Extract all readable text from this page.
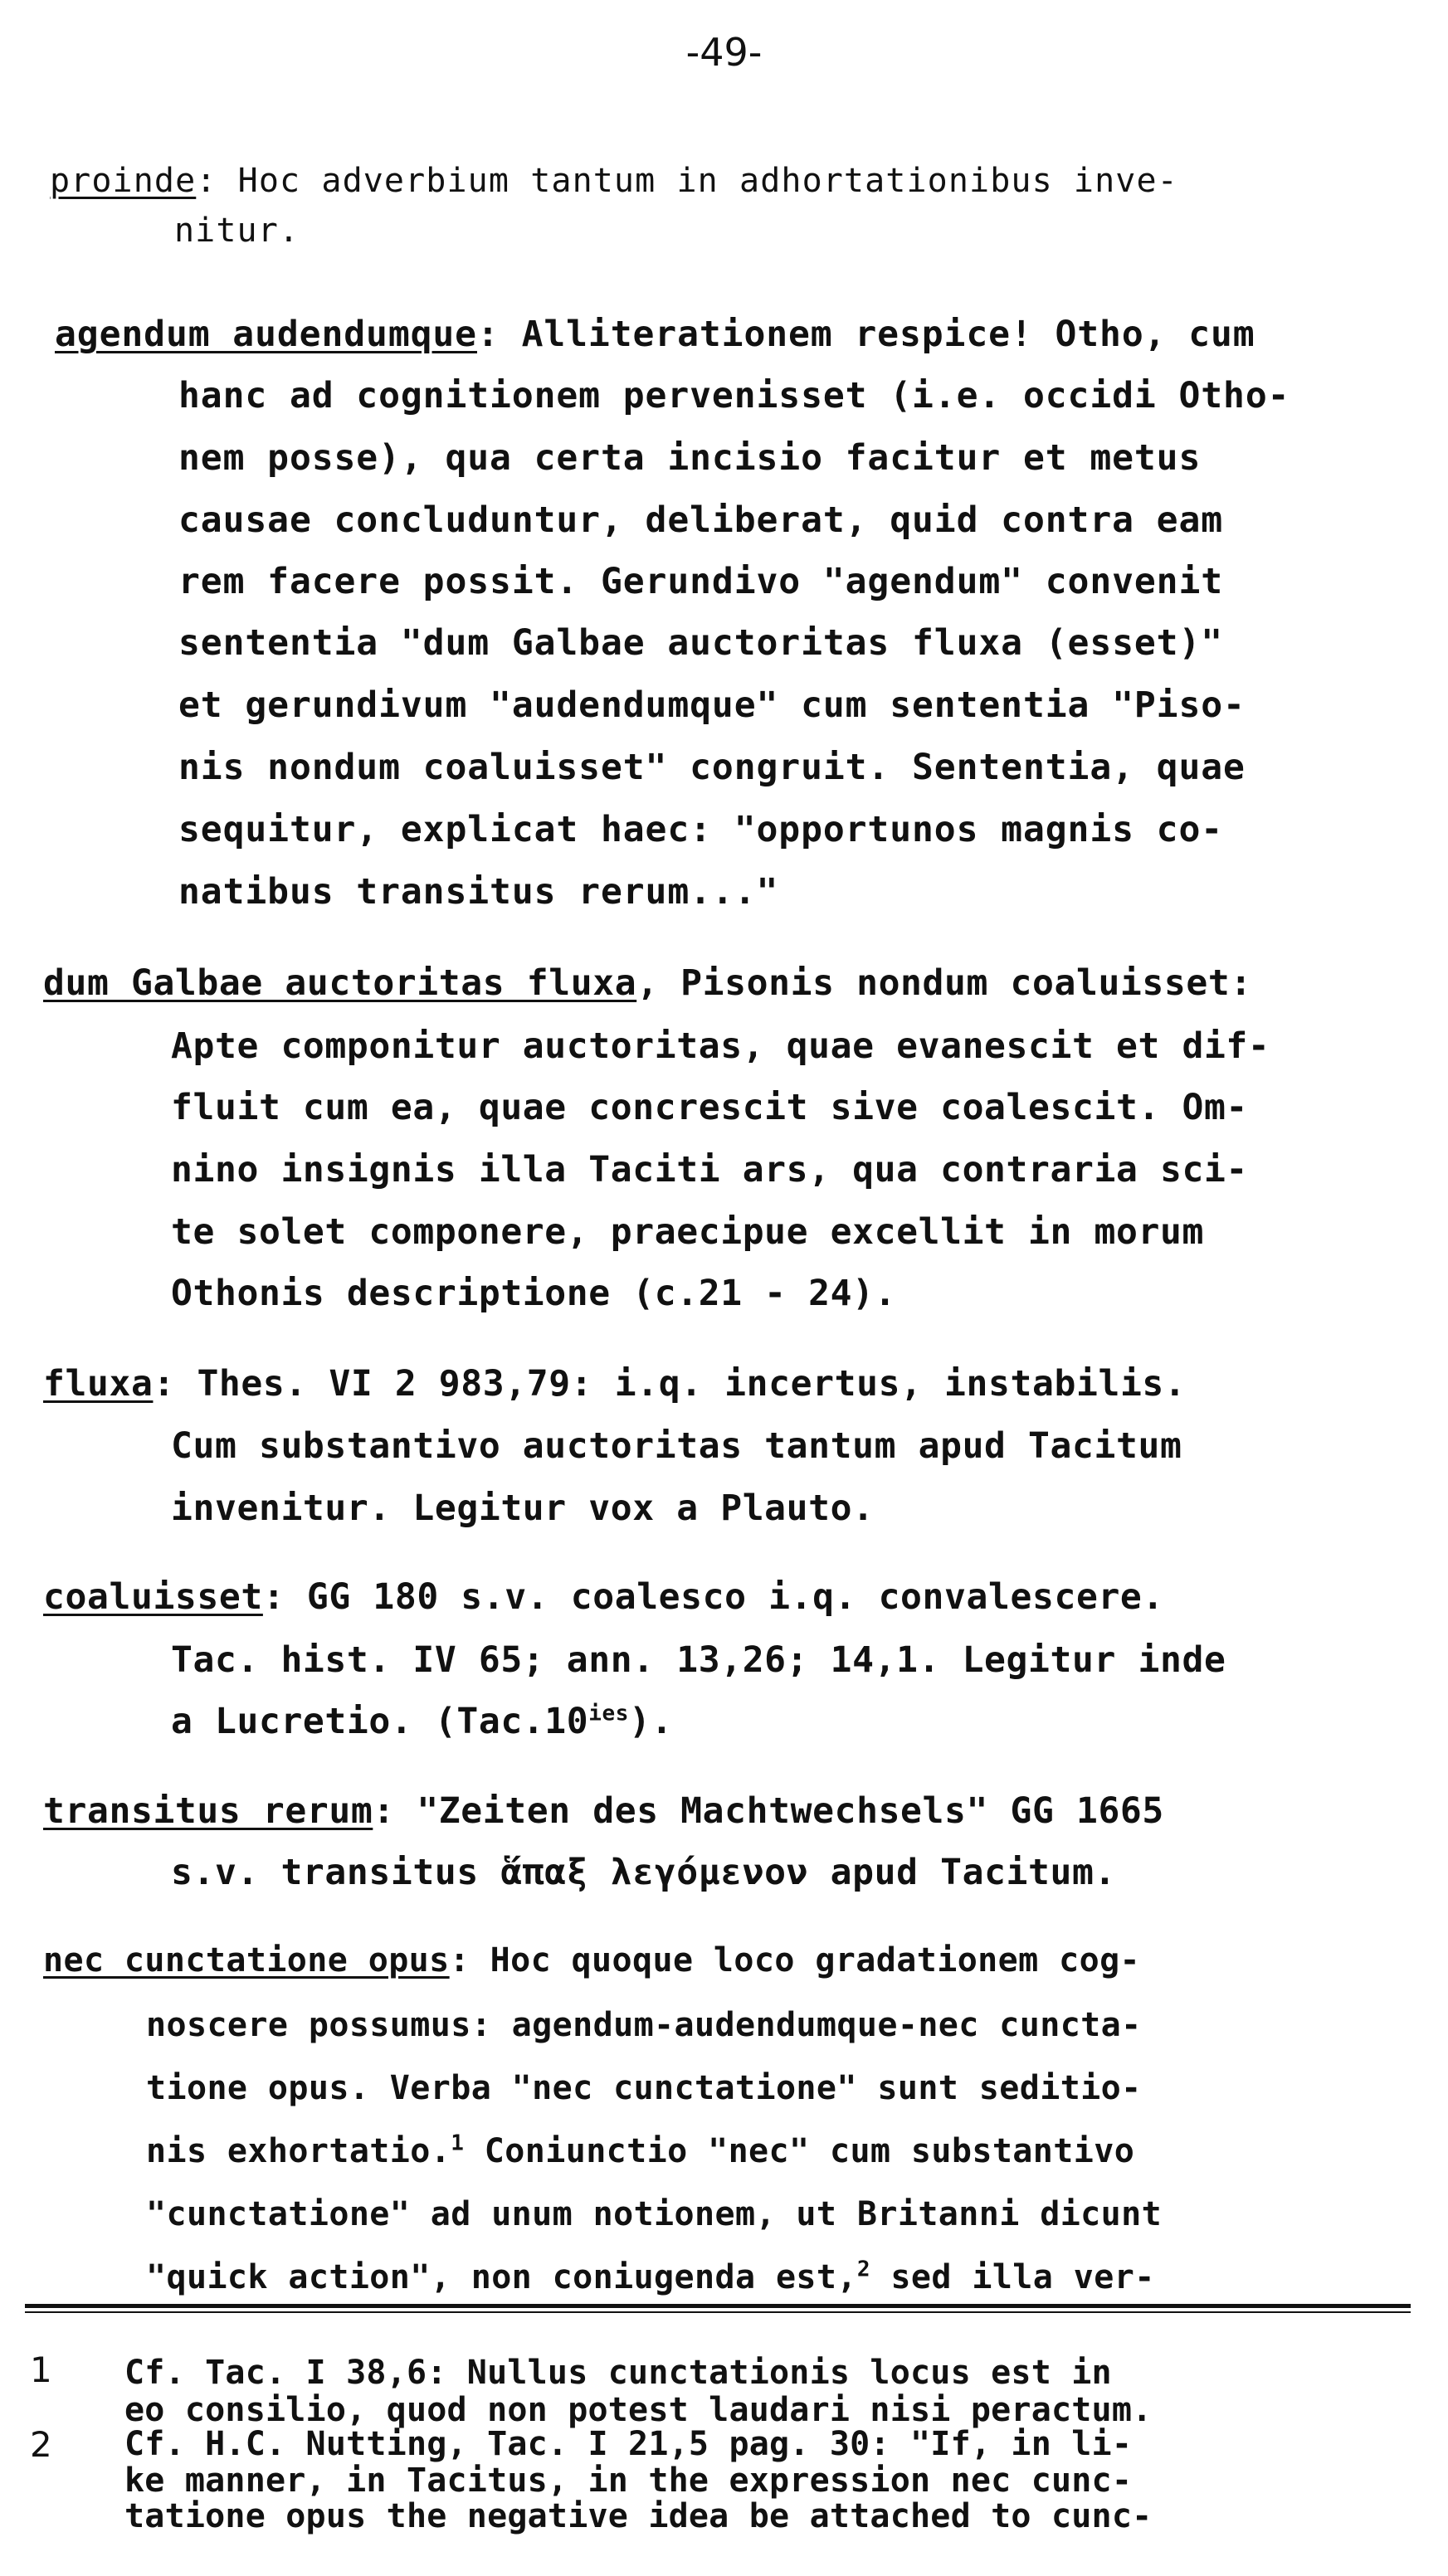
-49-
proinde: Hoc adverbium tantum in adhortationibus inve-
nitur.
agendum audendumque: Alliterationem respice! Otho, cum
hanc ad cognitionem pervenisset (i.e. occidi Otho-
nem posse), qua certa incisio facitur et metus
causae concluduntur, deliberat, quid contra eam
rem facere possit. Gerundivo "agendum" convenit
sententia "dum Galbae auctoritas fluxa (esset)"
et gerundivum "audendumque" cum sententia "Piso-
nis nondum coaluisset" congruit. Sententia, quae
sequitur, explicat haec: "opportunos magnis co-
natibus transitus rerum..."
dum Galbae auctoritas fluxa, Pisonis nondum coaluisset:
Apte componitur auctoritas, quae evanescit et dif-
fluit cum ea, quae concrescit sive coalescit. Om-
nino insignis illa Taciti ars, qua contraria sci-
te solet componere, praecipue excellit in morum
Othonis descriptione (c.21 - 24).
fluxa: Thes. VI 2 983,79: i.q. incertus, instabilis.
Cum substantivo auctoritas tantum apud Tacitum
invenitur. Legitur vox a Plauto.
coaluisset: GG 180 s.v. coalesco i.q. convalescere.
Tac. hist. IV 65; ann. 13,26; 14,1. Legitur inde
a Lucretio. $(Tac.10^{ies})$.
transitus rerum: "Zeiten des Machtwechsels" GG 1665
s.v. transitus ἅπαξ λεγόμενον apud Tacitum.
nec cunctatione opus: Hoc quoque loco gradationem cog-
noscere possumus: agendum-audendumque-nec cuncta-
tione opus. Verba "nec cunctatione" sunt seditio-
nis exhortatio.$^1$ Coniunctio "nec" cum substantivo
"cunctatione" ad unum notionem, ut Britanni dicunt
"quick action", non coniugenda est,$^2$ sed illa ver-
1 Cf. Tac. I 38,6: Nullus cunctationis locus est in
eo consilio, quod non potest laudari nisi peractum.
2 Cf. H.C. Nutting, Tac. I 21,5 pag. 30: "If, in li-
ke manner, in Tacitus, in the expression nec cunc-
tatione opus the negative idea be attached to cunc-
